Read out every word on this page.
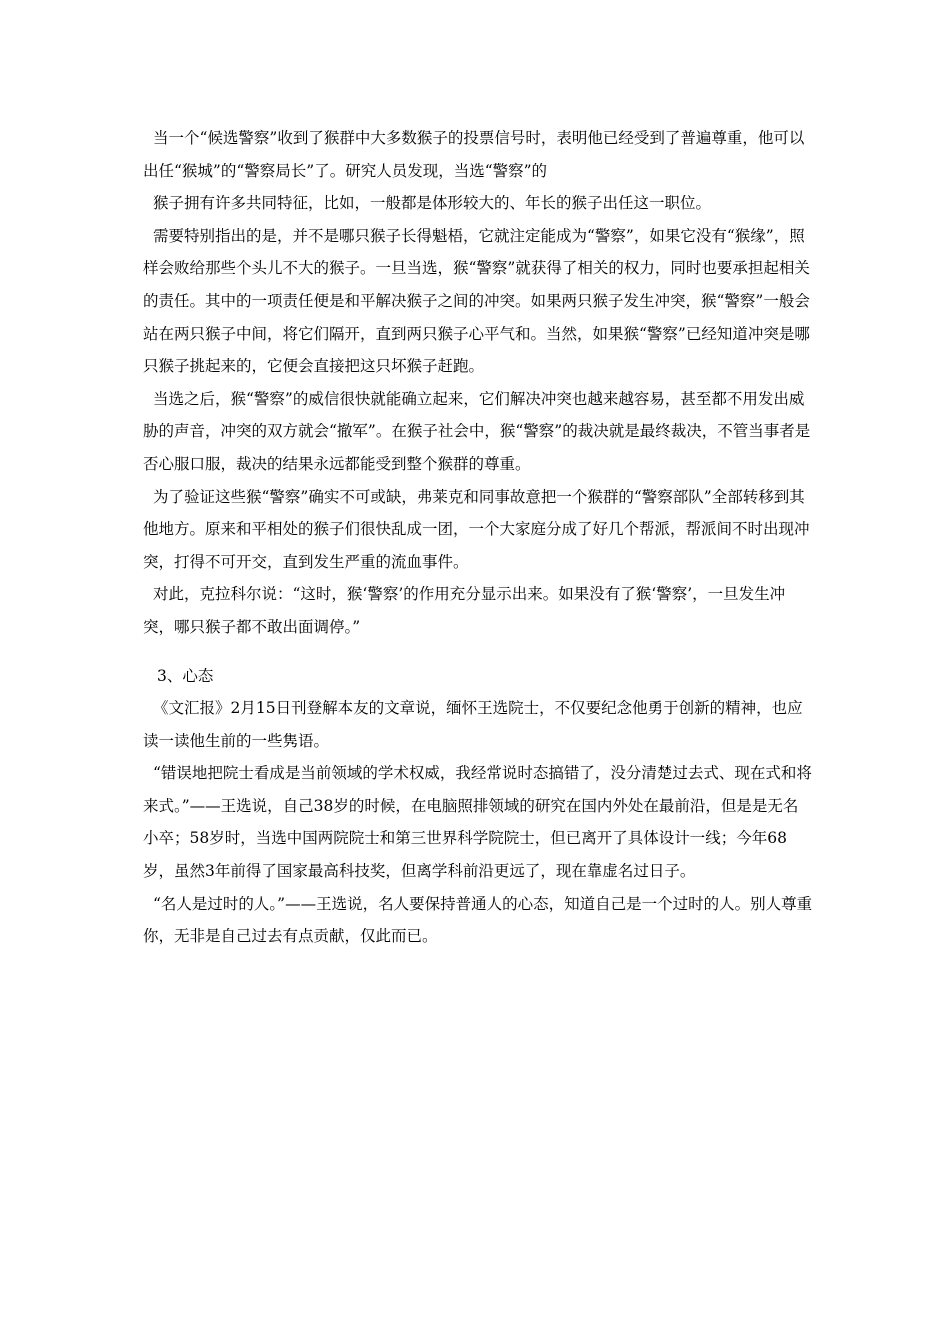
当一个“候选警察”收到了猴群中大多数猴子的投票信号时，表明他已经受到了普遍尊重，他可以出任“猴城”的“警察局长”了。研究人员发现，当选“警察”的

猴子拥有许多共同特征，比如，一般都是体形较大的、年长的猴子出任这一职位。

需要特别指出的是，并不是哪只猴子长得魁梧，它就注定能成为“警察”，如果它没有“猴缘”，照样会败给那些个头儿不大的猴子。一旦当选，猴“警察”就获得了相关的权力，同时也要承担起相关的责任。其中的一项责任便是和平解决猴子之间的冲突。如果两只猴子发生冲突，猴“警察”一般会站在两只猴子中间，将它们隔开，直到两只猴子心平气和。当然，如果猴“警察”已经知道冲突是哪只猴子挑起来的，它便会直接把这只坏猴子赶跑。

当选之后，猴“警察”的威信很快就能确立起来，它们解决冲突也越来越容易，甚至都不用发出威胁的声音，冲突的双方就会“撤军”。在猴子社会中，猴“警察”的裁决就是最终裁决，不管当事者是否心服口服，裁决的结果永远都能受到整个猴群的尊重。

为了验证这些猴“警察”确实不可或缺，弗莱克和同事故意把一个猴群的“警察部队”全部转移到其他地方。原来和平相处的猴子们很快乱成一团，一个大家庭分成了好几个帮派，帮派间不时出现冲突，打得不可开交，直到发生严重的流血事件。

对此，克拉科尔说：“这时，猴‘警察’的作用充分显示出来。如果没有了猴‘警察’，一旦发生冲突，哪只猴子都不敢出面调停。”

3、心态

《文汇报》2月15日刊登解本友的文章说，缅怀王选院士，不仅要纪念他勇于创新的精神，也应读一读他生前的一些隽语。

“错误地把院士看成是当前领域的学术权威，我经常说时态搞错了，没分清楚过去式、现在式和将来式。”——王选说，自己38岁的时候，在电脑照排领域的研究在国内外处在最前沿，但是是无名小卒；58岁时，当选中国两院院士和第三世界科学院院士，但已离开了具体设计一线；今年68岁，虽然3年前得了国家最高科技奖，但离学科前沿更远了，现在靠虚名过日子。

“名人是过时的人。”——王选说，名人要保持普通人的心态，知道自己是一个过时的人。别人尊重你，无非是自己过去有点贡献，仅此而已。
